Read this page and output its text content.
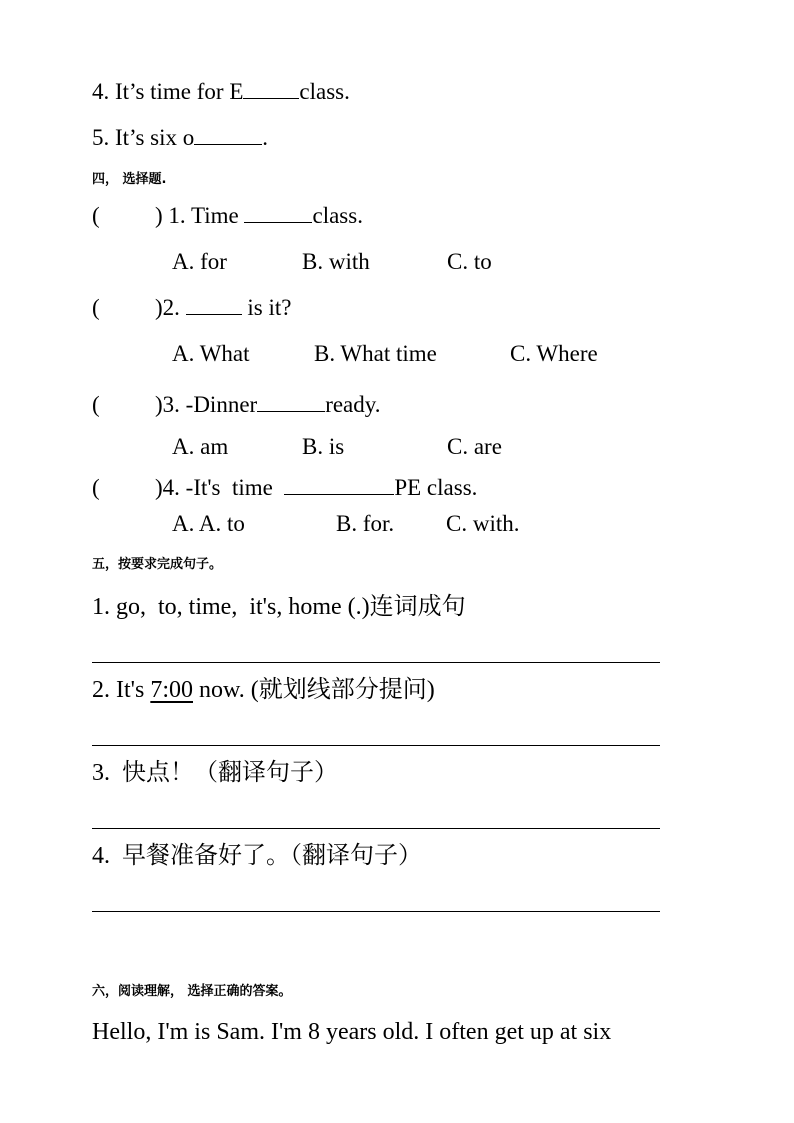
4. It’s time for E class.
5. It’s six o	.
四， 选择题.
( ) 1. Time	class.
A. for	B. with	C. to
( )2.  is it?
A. What	B. What time	C. Where
( )3. -Dinner	ready.
A. am	B. is	C. are
( )4. -It's  time	PE class.
A. A. to	B. for. C. with.
五，按要求完成句子。
1. go,  to, time,  it's, home (.)连词成句
2. It's 7:00 now. (就划线部分提问)
3.  快点！（翻译句子）
4.  早餐准备好了。（翻译句子）
六，阅读理解， 选择正确的答案。
Hello, I'm is Sam. I'm 8 years old. I often get up at six
